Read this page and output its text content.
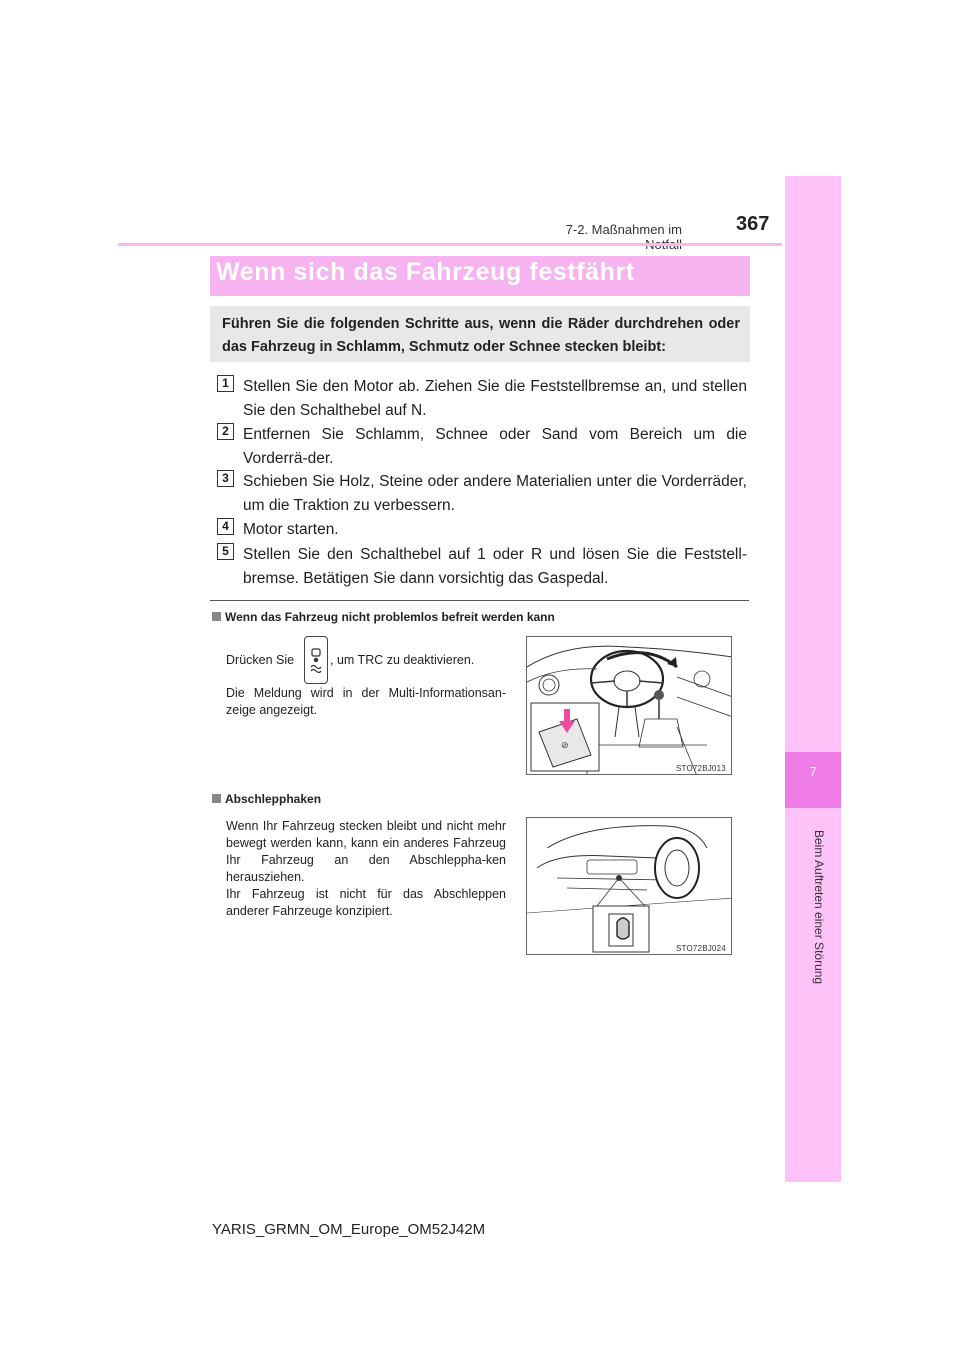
7-2. Maßnahmen im	367
7
Beim Auftreten einer Störung
Wenn sich das Fahrzeug festfährt
Führen Sie die folgenden Schritte aus, wenn die Räder durchdrehen oder das Fahrzeug in Schlamm, Schmutz oder Schnee stecken bleibt:
1 Stellen Sie den Motor ab. Ziehen Sie die Feststellbremse an, und stellen Sie den Schalthebel auf N.
2 Entfernen Sie Schlamm, Schnee oder Sand vom Bereich um die Vorderrä-der.
3 Schieben Sie Holz, Steine oder andere Materialien unter die Vorderräder, um die Traktion zu verbessern.
4 Motor starten.
5 Stellen Sie den Schalthebel auf 1 oder R und lösen Sie die Feststell-bremse. Betätigen Sie dann vorsichtig das Gaspedal.
Wenn das Fahrzeug nicht problemlos befreit werden kann
Drücken Sie	, um TRC zu deaktivieren.
Die Meldung wird in der Multi-Informationsan-zeige angezeigt.
⊘
STO72BJ013
Abschlepphaken
Wenn Ihr Fahrzeug stecken bleibt und nicht mehr bewegt werden kann, kann ein anderes Fahrzeug Ihr Fahrzeug an den Abschleppha-ken herausziehen.
Ihr Fahrzeug ist nicht für das Abschleppen anderer Fahrzeuge konzipiert.
STO72BJ024
YARIS_GRMN_OM_Europe_OM52J42M
